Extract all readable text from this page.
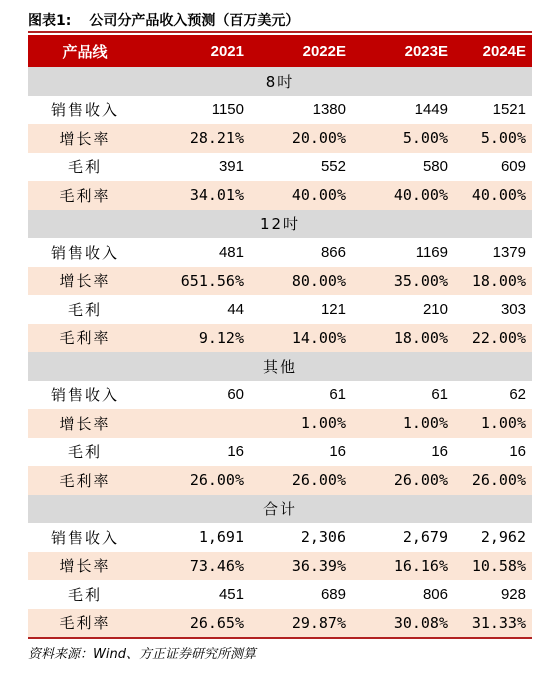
图表1: 公司分产品收入预测（百万美元）
产品线	2021	2022E	2023E	2024E
8吋				
销售收入	1150	1380	1449	1521
增长率	28.21%	20.00%	5.00%	5.00%
毛利	391	552	580	609
毛利率	34.01%	40.00%	40.00%	40.00%
12吋				
销售收入	481	866	1169	1379
增长率	651.56%	80.00%	35.00%	18.00%
毛利	44	121	210	303
毛利率	9.12%	14.00%	18.00%	22.00%
其他				
销售收入	60	61	61	62
增长率		1.00%	1.00%	1.00%
毛利	16	16	16	16
毛利率	26.00%	26.00%	26.00%	26.00%
合计				
销售收入	1,691	2,306	2,679	2,962
增长率	73.46%	36.39%	16.16%	10.58%
毛利	451	689	806	928
毛利率	26.65%	29.87%	30.08%	31.33%
资料来源：Wind、方正证券研究所测算
